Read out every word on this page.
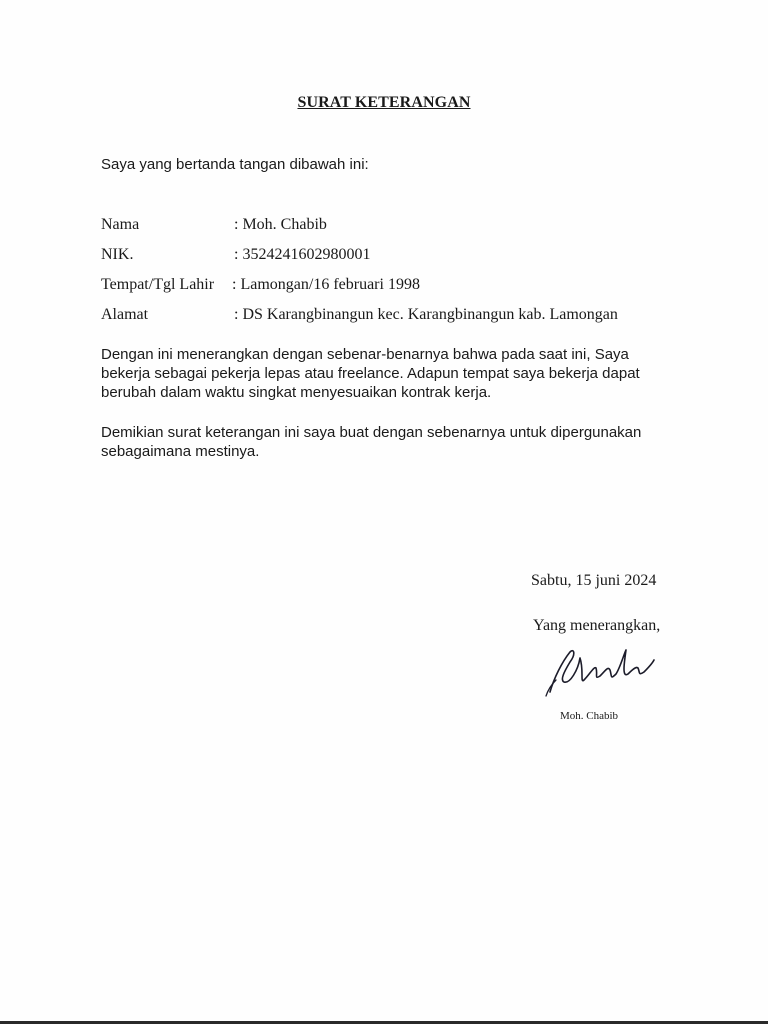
SURAT KETERANGAN
Saya yang bertanda tangan dibawah ini:
Nama	: Moh. Chabib
NIK.	: 3524241602980001
Tempat/Tgl Lahir : Lamongan/16 februari 1998
Alamat	: DS Karangbinangun kec. Karangbinangun kab. Lamongan
Dengan ini menerangkan dengan sebenar-benarnya bahwa pada saat ini, Saya bekerja sebagai pekerja lepas atau freelance. Adapun tempat saya bekerja dapat berubah dalam waktu singkat menyesuaikan kontrak kerja.
Demikian surat keterangan ini saya buat dengan sebenarnya untuk dipergunakan sebagaimana mestinya.
Sabtu, 15 juni 2024
Yang menerangkan,
Moh. Chabib
